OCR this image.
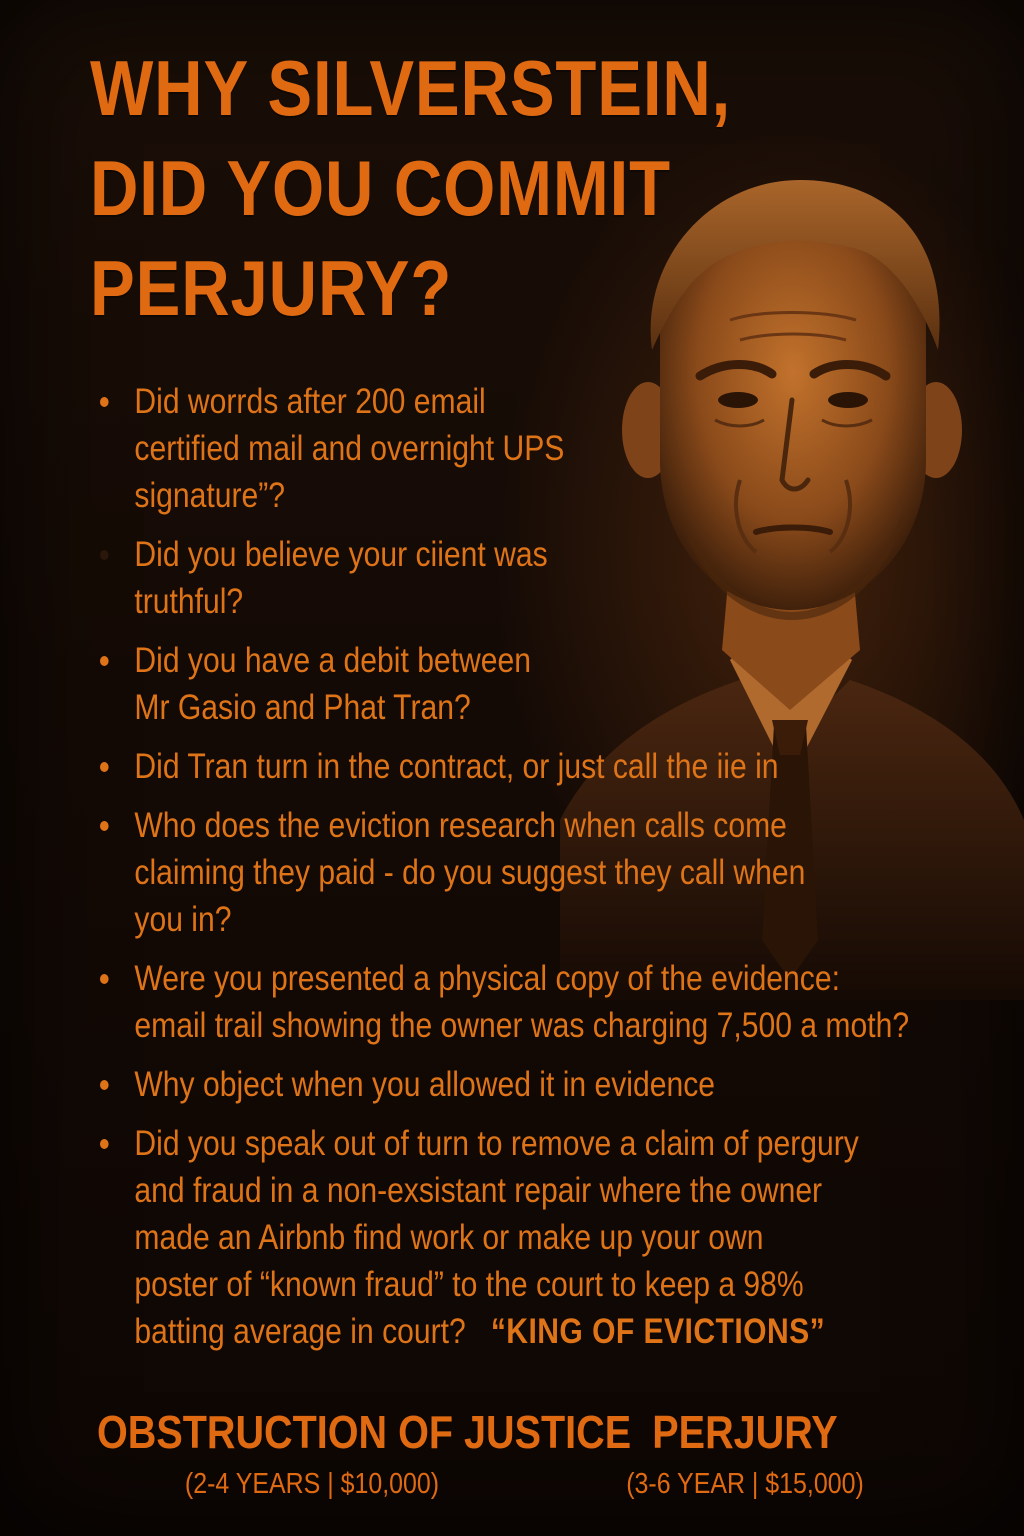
WHY SILVERSTEIN,
DID YOU COMMIT
PERJURY?
Did worrds after 200 email
certified mail and overnight UPS
signature”?
Did you believe your ciient was
truthful?
Did you have a debit between
Mr Gasio and Phat Tran?
Did Tran turn in the contract, or just call the iie in
Who does the eviction research when calls come
claiming they paid - do you suggest they call when
you in?
Were you presented a physical copy of the evidence:
email trail showing the owner was charging 7,500 a moth?
Why object when you allowed it in evidence
Did you speak out of turn to remove a claim of pergury
and fraud in a non-exsistant repair where the owner
made an Airbnb find work or make up your own
poster of “known fraud” to the court to keep a 98%
batting average in court? “KING OF EVICTIONS”
OBSTRUCTION OF JUSTICE
(2-4 YEARS | $10,000)
PERJURY
(3-6 YEAR | $15,000)
